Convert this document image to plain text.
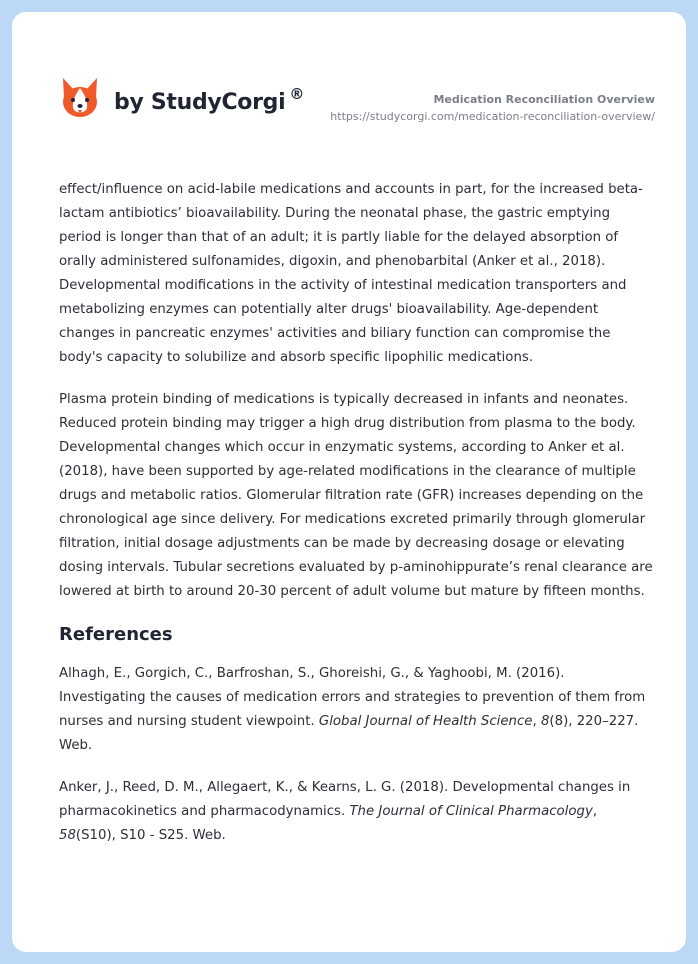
by StudyCorgi ®	Medication Reconciliation Overview
https://studycorgi.com/medication-reconciliation-overview/

effect/influence on acid-labile medications and accounts in part, for the increased beta-lactam antibiotics’ bioavailability. During the neonatal phase, the gastric emptying period is longer than that of an adult; it is partly liable for the delayed absorption of orally administered sulfonamides, digoxin, and phenobarbital (Anker et al., 2018). Developmental modifications in the activity of intestinal medication transporters and metabolizing enzymes can potentially alter drugs' bioavailability. Age-dependent changes in pancreatic enzymes' activities and biliary function can compromise the body's capacity to solubilize and absorb specific lipophilic medications.

Plasma protein binding of medications is typically decreased in infants and neonates. Reduced protein binding may trigger a high drug distribution from plasma to the body. Developmental changes which occur in enzymatic systems, according to Anker et al. (2018), have been supported by age-related modifications in the clearance of multiple drugs and metabolic ratios. Glomerular filtration rate (GFR) increases depending on the chronological age since delivery. For medications excreted primarily through glomerular filtration, initial dosage adjustments can be made by decreasing dosage or elevating dosing intervals. Tubular secretions evaluated by p-aminohippurate’s renal clearance are lowered at birth to around 20-30 percent of adult volume but mature by fifteen months.

References
Alhagh, E., Gorgich, C., Barfroshan, S., Ghoreishi, G., & Yaghoobi, M. (2016). Investigating the causes of medication errors and strategies to prevention of them from nurses and nursing student viewpoint. Global Journal of Health Science, 8(8), 220–227. Web.
Anker, J., Reed, D. M., Allegaert, K., & Kearns, L. G. (2018). Developmental changes in pharmacokinetics and pharmacodynamics. The Journal of Clinical Pharmacology, 58(S10), S10 - S25. Web.
